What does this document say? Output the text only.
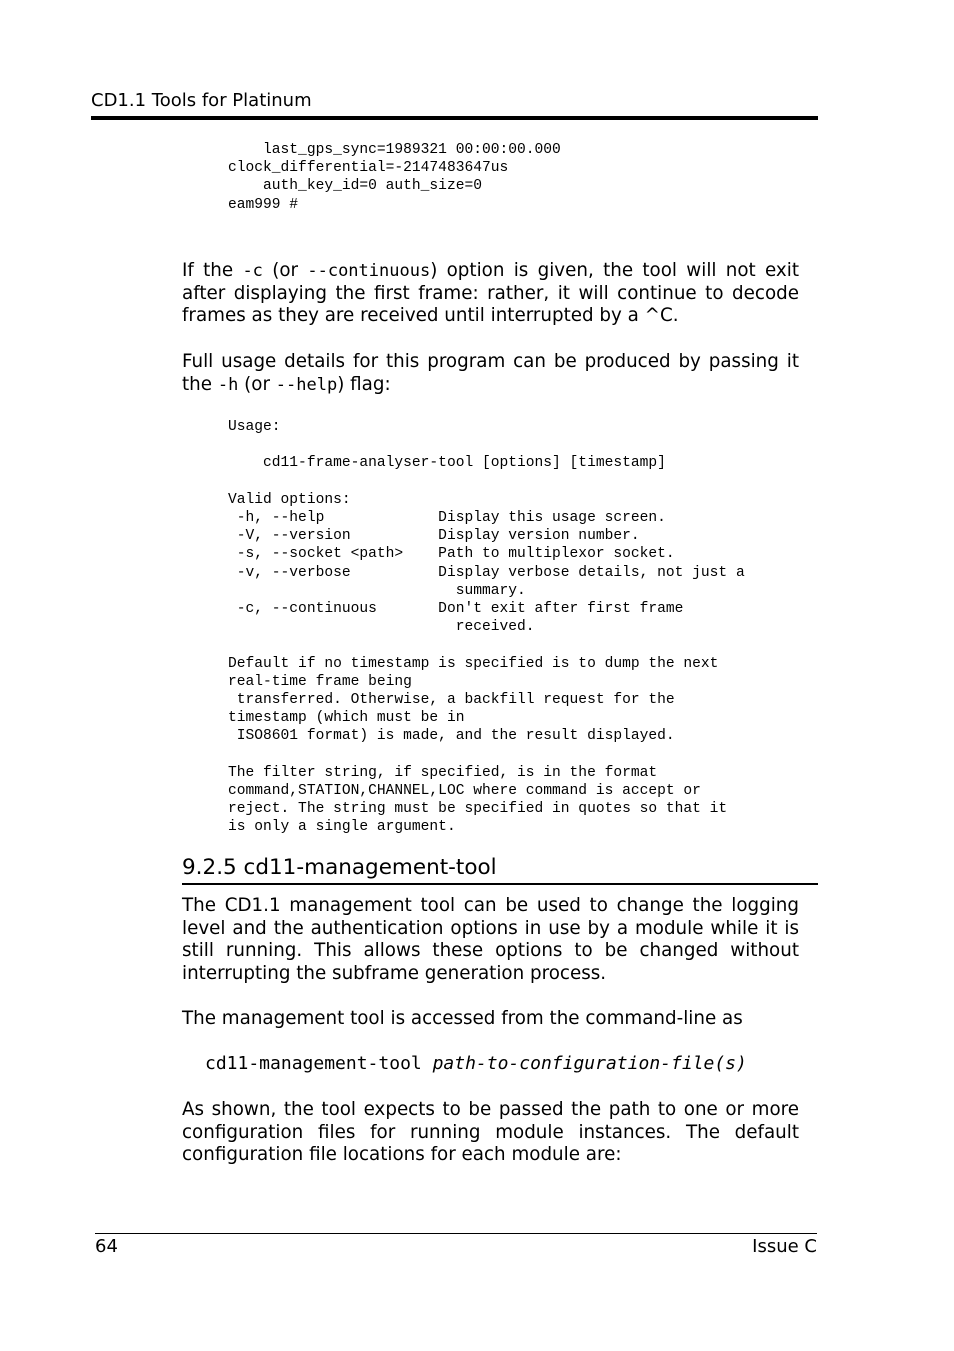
CD1.1 Tools for Platinum
last_gps_sync=1989321 00:00:00.000
clock_differential=-2147483647us
auth_key_id=0 auth_size=0
eam999 #

If the -c (or --continuous) option is given, the tool will not exit after displaying the first frame: rather, it will continue to decode frames as they are received until interrupted by a ^C.

Full usage details for this program can be produced by passing it the -h (or --help) flag:

Usage:

cd11-frame-analyser-tool [options] [timestamp]

Valid options:
-h, --help             Display this usage screen.
-V, --version          Display version number.
-s, --socket <path>    Path to multiplexor socket.
-v, --verbose          Display verbose details, not just a
summary.
-c, --continuous       Don't exit after first frame
received.

Default if no timestamp is specified is to dump the next
real-time frame being
transferred. Otherwise, a backfill request for the
timestamp (which must be in
ISO8601 format) is made, and the result displayed.

The filter string, if specified, is in the format
command,STATION,CHANNEL,LOC where command is accept or
reject. The string must be specified in quotes so that it
is only a single argument.
9.2.5 cd11-management-tool

The CD1.1 management tool can be used to change the logging level and the authentication options in use by a module while it is still running. This allows these options to be changed without interrupting the subframe generation process.

The management tool is accessed from the command-line as

cd11-management-tool path-to-configuration-file(s)

As shown, the tool expects to be passed the path to one or more configuration files for running module instances. The default configuration file locations for each module are:

64	Issue C
